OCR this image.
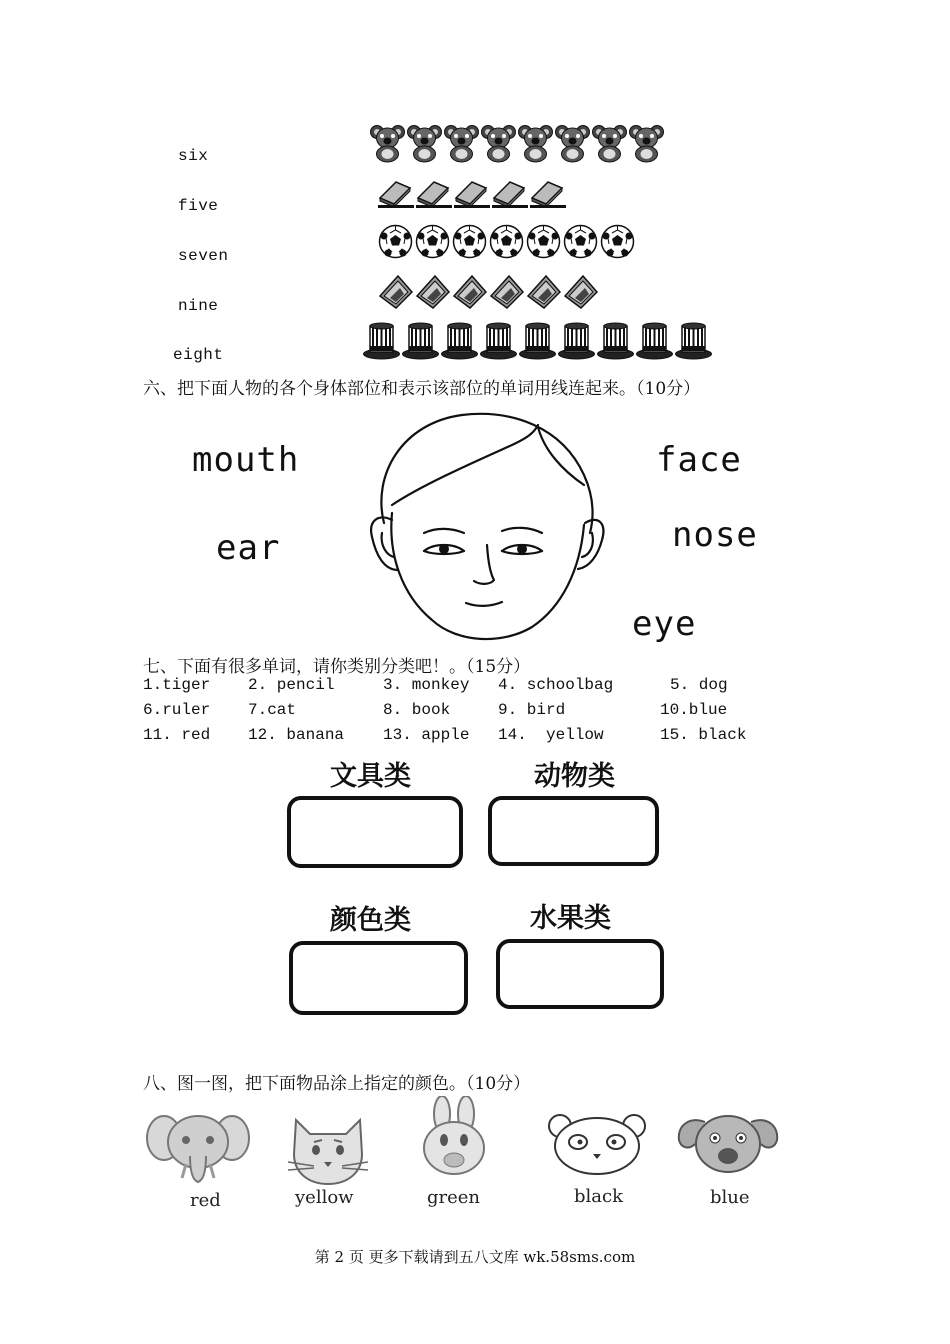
six
five
seven
nine
eight
六、把下面人物的各个身体部位和表示该部位的单词用线连起来。（10分）
mouth
ear
face
nose
eye
七、下面有很多单词，请你类别分类吧！。（15分）
1.tiger 2. pencil	3. monkey 4. schoolbag	5. dog
6.ruler 7.cat	8. book	9. bird	10.blue
11. red 12. banana 13. apple 14.  yellow	15. black
文具类	动物类
颜色类	水果类
八、图一图，把下面物品涂上指定的颜色。（10分）
red	yellow	green	black	blue
第 2 页 更多下载请到五八文库 wk.58sms.com
